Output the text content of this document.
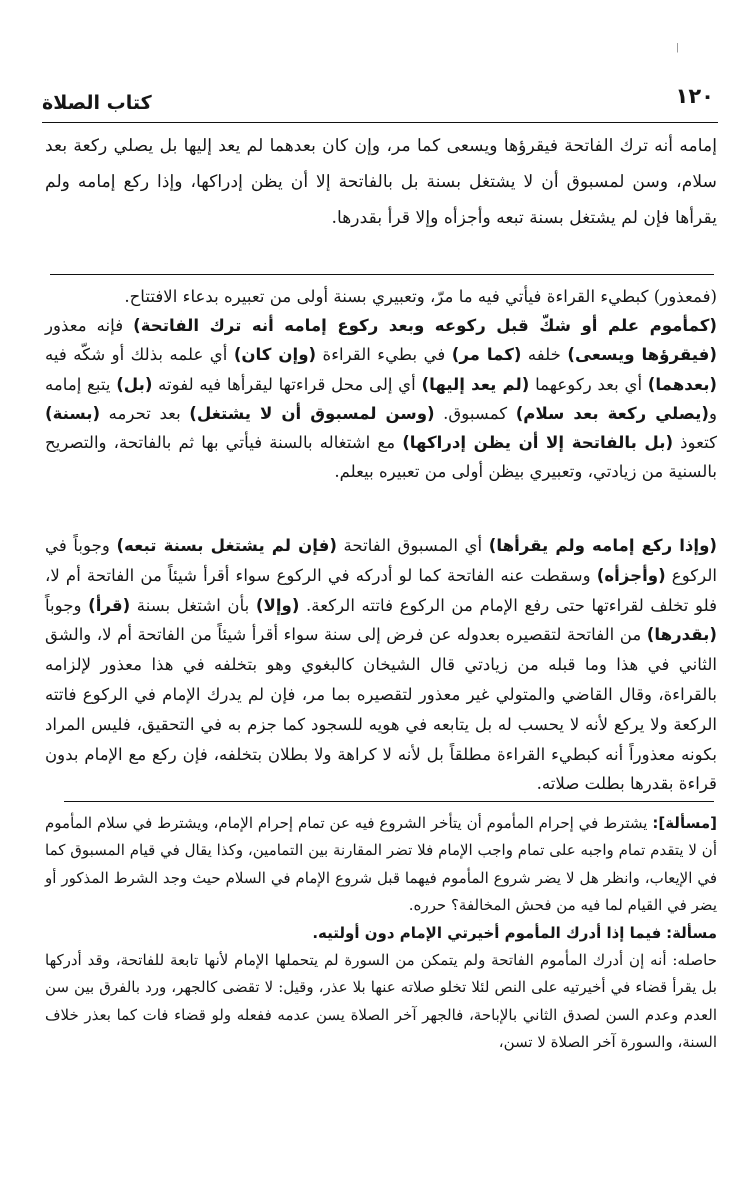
|
١٢٠
كتاب الصلاة

إمامه أنه ترك الفاتحة فيقرؤها ويسعى كما مر، وإن كان بعدهما لم يعد إليها بل يصلي ركعة بعد سلام، وسن لمسبوق أن لا يشتغل بسنة بل بالفاتحة إلا أن يظن إدراكها، وإذا ركع إمامه ولم يقرأها فإن لم يشتغل بسنة تبعه وأجزأه وإلا قرأ بقدرها.

(فمعذور) كبطيء القراءة فيأتي فيه ما مرّ، وتعبيري بسنة أولى من تعبيره بدعاء الافتتاح.
(كمأموم علم أو شكّ قبل ركوعه وبعد ركوع إمامه أنه ترك الفاتحة) فإنه معذور (فيقرؤها ويسعى) خلفه (كما مر) في بطيء القراءة (وإن كان) أي علمه بذلك أو شكّه فيه (بعدهما) أي بعد ركوعهما (لم يعد إليها) أي إلى محل قراءتها ليقرأها فيه لفوته (بل) يتبع إمامه و(يصلي ركعة بعد سلام) كمسبوق. (وسن لمسبوق أن لا يشتغل) بعد تحرمه (بسنة) كتعوذ (بل بالفاتحة إلا أن يظن إدراكها) مع اشتغاله بالسنة فيأتي بها ثم بالفاتحة، والتصريح بالسنية من زيادتي، وتعبيري بيظن أولى من تعبيره بيعلم.

(وإذا ركع إمامه ولم يقرأها) أي المسبوق الفاتحة (فإن لم يشتغل بسنة تبعه) وجوباً في الركوع (وأجزأه) وسقطت عنه الفاتحة كما لو أدركه في الركوع سواء أقرأ شيئاً من الفاتحة أم لا، فلو تخلف لقراءتها حتى رفع الإمام من الركوع فاتته الركعة. (وإلا) بأن اشتغل بسنة (قرأ) وجوباً (بقدرها) من الفاتحة لتقصيره بعدوله عن فرض إلى سنة سواء أقرأ شيئاً من الفاتحة أم لا، والشق الثاني في هذا وما قبله من زيادتي قال الشيخان كالبغوي وهو بتخلفه في هذا معذور لإلزامه بالقراءة، وقال القاضي والمتولي غير معذور لتقصيره بما مر، فإن لم يدرك الإمام في الركوع فاتته الركعة ولا يركع لأنه لا يحسب له بل يتابعه في هويه للسجود كما جزم به في التحقيق، فليس المراد بكونه معذوراً أنه كبطيء القراءة مطلقاً بل لأنه لا كراهة ولا بطلان بتخلفه، فإن ركع مع الإمام بدون قراءة بقدرها بطلت صلاته.

[مسألة]: يشترط في إحرام المأموم أن يتأخر الشروع فيه عن تمام إحرام الإمام، ويشترط في سلام المأموم أن لا يتقدم تمام واجبه على تمام واجب الإمام فلا تضر المقارنة بين التمامين، وكذا يقال في قيام المسبوق كما في الإيعاب، وانظر هل لا يضر شروع المأموم فيهما قبل شروع الإمام في السلام حيث وجد الشرط المذكور أو يضر في القيام لما فيه من فحش المخالفة؟ حرره.
مسألة: فيما إذا أدرك المأموم أخيرتي الإمام دون أولتيه.
حاصله: أنه إن أدرك المأموم الفاتحة ولم يتمكن من السورة لم يتحملها الإمام لأنها تابعة للفاتحة، وقد أدركها بل يقرأ قضاء في أخيرتيه على النص لئلا تخلو صلاته عنها بلا عذر، وقيل: لا تقضى كالجهر، ورد بالفرق بين سن العدم وعدم السن لصدق الثاني بالإباحة، فالجهر آخر الصلاة يسن عدمه ففعله ولو قضاء فات كما بعذر خلاف السنة، والسورة آخر الصلاة لا تسن،
